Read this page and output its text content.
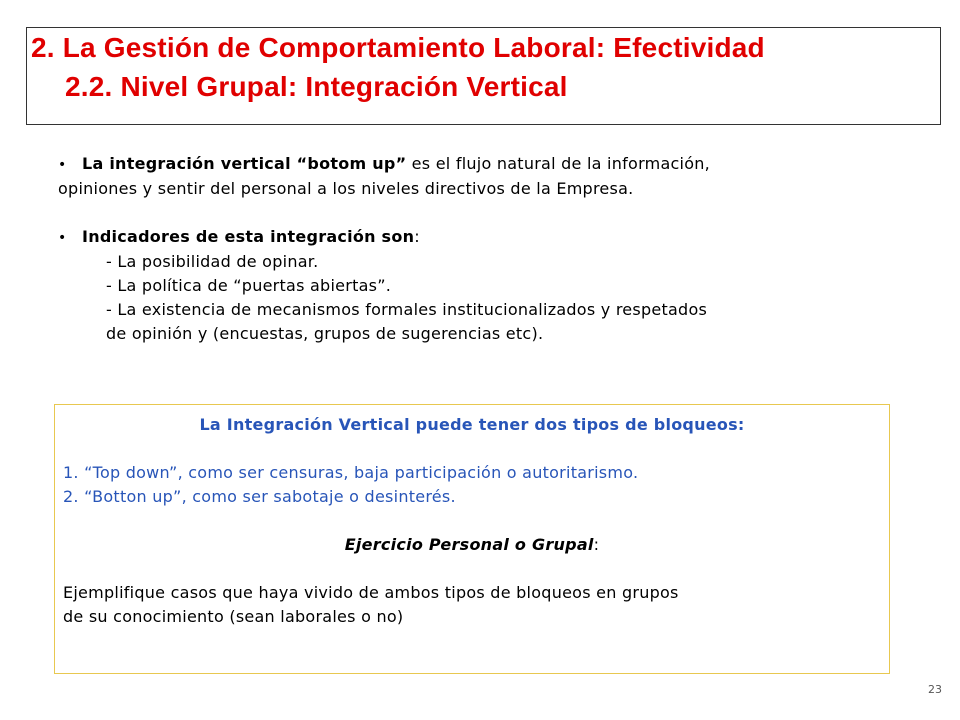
2. La Gestión de Comportamiento Laboral: Efectividad
2.2. Nivel Grupal: Integración Vertical

• La integración vertical “botom up” es el flujo natural de la información,
opiniones y sentir del personal a los niveles directivos de la Empresa.

• Indicadores de esta integración son:

- La posibilidad de opinar.
- La política de “puertas abiertas”.
- La existencia de mecanismos formales institucionalizados y respetados
de opinión y (encuestas, grupos de sugerencias etc).
La Integración Vertical puede tener dos tipos de bloqueos:
1. “Top down”, como ser censuras, baja participación o autoritarismo.
2. “Botton up”, como ser sabotaje o desinterés.
Ejercicio Personal o Grupal:
Ejemplifique casos que haya vivido de ambos tipos de bloqueos en grupos
de su conocimiento (sean laborales o no)
23
